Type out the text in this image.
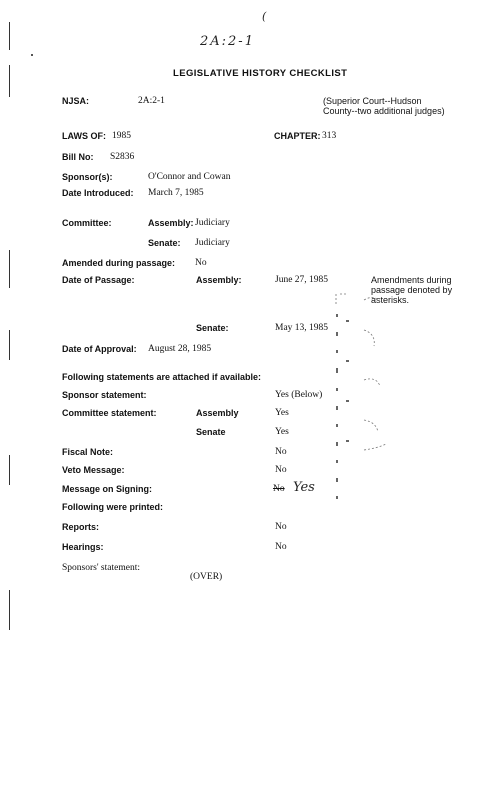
(
2A:2-1
LEGISLATIVE HISTORY CHECKLIST
NJSA:	2A:2-1	(Superior Court--Hudson County--two additional judges)
LAWS OF: 1985	CHAPTER: 313
Bill No: S2836
Sponsor(s):	O'Connor and Cowan
Date Introduced: March 7, 1985
Committee:	Assembly: Judiciary
Senate: Judiciary
Amended during passage: No
Date of Passage:	Assembly:	June 27, 1985	Amendments during passage denoted by asterisks.
Senate:	May 13, 1985
Date of Approval: August 28, 1985
Following statements are attached if available:
Sponsor statement:	Yes (Below)
Committee statement:	Assembly	Yes
Senate	Yes
Fiscal Note:	No
Veto Message:	No
Message on Signing:	No Yes
Following were printed:
Reports:	No
Hearings:	No
Sponsors' statement:
(OVER)
